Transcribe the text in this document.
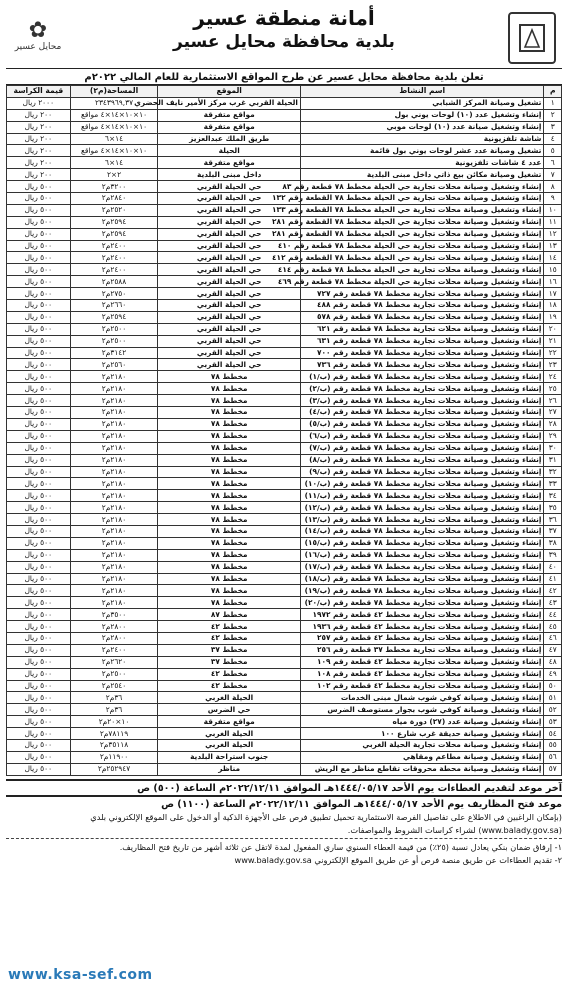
✿
محايل عسير
أمانة منطقة عسير
بلدية محافظة محايل عسير
تعلن بلدية محافظة محايل عسير عن طرح المواقع الاستثمارية للعام المالي ٢٠٢٢م
م	اسم النشاط	الموقع	المساحة(م٢)	قيمة الكراسة
١	تشغيل وصيانة المركز الشبابي	الحيلة القربي غرب مركز الأمير نايف الحضري	٢٣٤٣٩٦٩,٣٧	٢٠٠٠ ريال
٢	إنشاء وتشغيل عدد (١٠) لوحات يوني بول	مواقع متفرقة	١٠×١٠×١٤×٤ مواقع	٢٠٠ ريال
٣	إنشاء وتشغيل صيانة عدد (١٠) لوحات موبي	مواقع متفرقة	١٠×١٠×١٤×٤ مواقع	٢٠٠ ريال
٤	شاشة تلفزيونية	طريق الملك عبدالعزيز	١٤×٦	٢٠٠ ريال
٥	تشغيل وصيانة عدد عشر لوحات يوني بول قائمة	الحيلة	١٠×١٠×١٤×٤ مواقع	٢٠٠ ريال
٦	عدد ٤ شاشات تلفزيونية	مواقع متفرقة	١٤×٦	٢٠٠ ريال
٧	تشغيل وصيانة مكائن بيع ذاتي داخل مبنى البلدية	داخل مبنى البلدية	٢×٢	٢٠٠ ريال
٨	إنشاء وتشغيل وصيانة محلات تجارية حي الحيلة مخطط ٧٨ قطعة رقم ٨٣	حي الحيلة القربي	٣٢٠٠م٢	٥٠٠ ريال
٩	إنشاء وتشغيل وصيانة محلات تجارية حي الحيلة مخطط ٧٨ القطعة رقم ١٣٢	حي الحيلة القربي	٢٨٤٠م٢	٥٠٠ ريال
١٠	إنشاء وتشغيل وصيانة محلات تجارية حي الحيلة مخطط ٧٨ القطعة رقم ١٣٣	حي الحيلة القربي	٢٥٢٠م٢	٥٠٠ ريال
١١	إنشاء وتشغيل وصيانة محلات تجارية حي الحيلة مخطط ٧٨ القطعة رقم ٢٨١	حي الحيلة القربي	٢٥٩٤م٢	٥٠٠ ريال
١٢	إنشاء وتشغيل وصيانة محلات تجارية حي الحيلة مخطط ٧٨ القطعة رقم ٢٨١	حي الحيلة القربي	٢٥٩٤م٢	٥٠٠ ريال
١٣	إنشاء وتشغيل وصيانة محلات تجارية حي الحيلة مخطط ٧٨ قطعة رقم ٤١٠	حي الحيلة القربي	٢٤٠٠م٢	٥٠٠ ريال
١٤	إنشاء وتشغيل وصيانة محلات تجارية حي الحيلة مخطط ٧٨ القطعة رقم ٤١٢	حي الحيلة القربي	٢٤٠٠م٢	٥٠٠ ريال
١٥	إنشاء وتشغيل وصيانة محلات تجارية حي الحيلة مخطط ٧٨ قطعة رقم ٤١٤	حي الحيلة القربي	٢٤٠٠م٢	٥٠٠ ريال
١٦	إنشاء وتشغيل وصيانة محلات تجارية حي الحيلة مخطط ٧٨ قطعة رقم ٤٦٩	حي الحيلة القربي	٢٥٨٨م٢	٥٠٠ ريال
١٧	إنشاء وتشغيل وصيانة محلات تجارية مخطط ٧٨ قطعة رقم ٧٢٧	حي الحيلة القربي	٢٧٥٠م٢	٥٠٠ ريال
١٨	إنشاء وتشغيل وصيانة محلات تجارية مخطط ٧٨ قطعة رقم ٤٨٨	حي الحيلة القربي	٢٦٦٠م٢	٥٠٠ ريال
١٩	إنشاء وتشغيل وصيانة محلات تجارية مخطط ٧٨ قطعة رقم ٥٧٨	حي الحيلة القربي	٢٥٩٤م٢	٥٠٠ ريال
٢٠	إنشاء وتشغيل وصيانة محلات تجارية مخطط ٧٨ قطعة رقم ٦٢١	حي الحيلة القربي	٢٥٠٠م٢	٥٠٠ ريال
٢١	إنشاء وتشغيل وصيانة محلات تجارية مخطط ٧٨ قطعة رقم ٦٣١	حي الحيلة القربي	٢٥٠٠م٢	٥٠٠ ريال
٢٢	إنشاء وتشغيل وصيانة محلات تجارية مخطط ٧٨ قطعة رقم ٧٠٠	حي الحيلة القربي	٣١٤٢م٢	٥٠٠ ريال
٢٣	إنشاء وتشغيل وصيانة محلات تجارية مخطط ٧٨ قطعة رقم ٧٣٦	حي الحيلة القربي	٢٥٦٠م٢	٥٠٠ ريال
٢٤	إنشاء وتشغيل وصيانة محلات تجارية مخطط ٧٨ قطعة رقم (ب/١)	مخطط ٧٨	٢١٨٠م٢	٥٠٠ ريال
٢٥	إنشاء وتشغيل وصيانة محلات تجارية مخطط ٧٨ قطعة رقم (ب/٢)	مخطط ٧٨	٢١٨٠م٢	٥٠٠ ريال
٢٦	إنشاء وتشغيل وصيانة محلات تجارية مخطط ٧٨ قطعة رقم (ب/٣)	مخطط ٧٨	٢١٨٠م٢	٥٠٠ ريال
٢٧	إنشاء وتشغيل وصيانة محلات تجارية مخطط ٧٨ قطعة رقم (ب/٤)	مخطط ٧٨	٢١٨٠م٢	٥٠٠ ريال
٢٨	إنشاء وتشغيل وصيانة محلات تجارية مخطط ٧٨ قطعة رقم (ب/٥)	مخطط ٧٨	٢١٨٠م٢	٥٠٠ ريال
٢٩	إنشاء وتشغيل وصيانة محلات تجارية مخطط ٧٨ قطعة رقم (ب/٦)	مخطط ٧٨	٢١٨٠م٢	٥٠٠ ريال
٣٠	إنشاء وتشغيل وصيانة محلات تجارية مخطط ٧٨ قطعة رقم (ب/٧)	مخطط ٧٨	٢١٨٠م٢	٥٠٠ ريال
٣١	إنشاء وتشغيل وصيانة محلات تجارية مخطط ٧٨ قطعة رقم (ب/٨)	مخطط ٧٨	٢١٨٠م٢	٥٠٠ ريال
٣٢	إنشاء وتشغيل وصيانة محلات تجارية مخطط ٧٨ قطعة رقم (ب/٩)	مخطط ٧٨	٢١٨٠م٢	٥٠٠ ريال
٣٣	إنشاء وتشغيل وصيانة محلات تجارية مخطط ٧٨ قطعة رقم (ب/١٠)	مخطط ٧٨	٢١٨٠م٢	٥٠٠ ريال
٣٤	إنشاء وتشغيل وصيانة محلات تجارية مخطط ٧٨ قطعة رقم (ب/١١)	مخطط ٧٨	٢١٨٠م٢	٥٠٠ ريال
٣٥	إنشاء وتشغيل وصيانة محلات تجارية مخطط ٧٨ قطعة رقم (ب/١٢)	مخطط ٧٨	٢١٨٠م٢	٥٠٠ ريال
٣٦	إنشاء وتشغيل وصيانة محلات تجارية مخطط ٧٨ قطعة رقم (ب/١٣)	مخطط ٧٨	٢١٨٠م٢	٥٠٠ ريال
٣٧	إنشاء وتشغيل وصيانة محلات تجارية مخطط ٧٨ قطعة رقم (ب/١٤)	مخطط ٧٨	٢١٨٠م٢	٥٠٠ ريال
٣٨	إنشاء وتشغيل وصيانة محلات تجارية مخطط ٧٨ قطعة رقم (ب/١٥)	مخطط ٧٨	٢١٨٠م٢	٥٠٠ ريال
٣٩	إنشاء وتشغيل وصيانة محلات تجارية مخطط ٧٨ قطعة رقم (ب/١٦)	مخطط ٧٨	٢١٨٠م٢	٥٠٠ ريال
٤٠	إنشاء وتشغيل وصيانة محلات تجارية مخطط ٧٨ قطعة رقم (ب/١٧)	مخطط ٧٨	٢١٨٠م٢	٥٠٠ ريال
٤١	إنشاء وتشغيل وصيانة محلات تجارية مخطط ٧٨ قطعة رقم (ب/١٨)	مخطط ٧٨	٢١٨٠م٢	٥٠٠ ريال
٤٢	إنشاء وتشغيل وصيانة محلات تجارية مخطط ٧٨ قطعة رقم (ب/١٩)	مخطط ٧٨	٢١٨٠م٢	٥٠٠ ريال
٤٣	إنشاء وتشغيل وصيانة محلات تجارية مخطط ٧٨ قطعة رقم (ب/٢٠)	مخطط ٧٨	٢١٨٠م٢	٥٠٠ ريال
٤٤	إنشاء وتشغيل وصيانة محلات تجارية مخطط ٤٢ قطعة رقم ١٩٧٢	مخطط ٨٧	٣٥٠٠م٢	٥٠٠ ريال
٤٥	إنشاء وتشغيل وصيانة محلات تجارية مخطط ٤٢ قطعة رقم ١٩٣٦	مخطط ٤٢	٢٨٠٠م٢	٥٠٠ ريال
٤٦	إنشاء وتشغيل وصيانة محلات تجارية مخطط ٤٢ قطعة رقم ٢٥٧	مخطط ٤٢	٢٨٠٠م٢	٥٠٠ ريال
٤٧	إنشاء وتشغيل وصيانة محلات تجارية مخطط ٣٧ قطعة رقم ٢٥٦	مخطط ٣٧	٢٤٠٠م٢	٥٠٠ ريال
٤٨	إنشاء وتشغيل وصيانة محلات تجارية مخطط ٤٢ قطعة رقم ١٠٩	مخطط ٣٧	٢٦٢٠م٢	٥٠٠ ريال
٤٩	إنشاء وتشغيل وصيانة محلات تجارية مخطط ٤٢ قطعة رقم ١٠٨	مخطط ٤٢	٢٥٠٠م٢	٥٠٠ ريال
٥٠	إنشاء وتشغيل وصيانة محلات تجارية مخطط ٤٢ قطعة رقم ١٠٢	مخطط ٤٢	٢٥٤٠م٢	٥٠٠ ريال
٥١	إنشاء وتشغيل وصيانة كوفي شوب شمال مبنى الخدمات	الحيلة الغربي	٣٦م٢	٥٠٠ ريال
٥٢	إنشاء وتشغيل وصيانة كوفي شوب بجوار مستوصف الضرس	حي الضرس	٣٦م٢	٥٠٠ ريال
٥٣	إنشاء وتشغيل وصيانة عدد (٢٧) دورة مياه	مواقع متفرقة	١٠×٢٠م٢	٥٠٠ ريال
٥٤	إنشاء وتشغيل وصيانة حديقة غرب شارع ١٠٠	الحيلة الغربي	٧٨١١٩م٢	٥٠٠ ريال
٥٥	إنشاء وتشغيل وصيانة محلات تجارية الحيلة الغربي	الحيلة الغربي	٣٥١١٨م٢	٥٠٠ ريال
٥٦	إنشاء وتشغيل وصيانة مطاعم ومقاهي	جنوب استراحة البلدية	١١٩٠٠م٢	٥٠٠ ريال
٥٧	إنشاء وتشغيل وصيانة محطة محروقات تقاطع مناظر مع الريش	مناظر	٢٥٢٩٤٧م٢	٥٠٠ ريال

آخر موعد لتقديم العطاءات يوم الأحد ١٤٤٤/٠٥/١٧هـ الموافق ٢٠٢٢/١٢/١١م الساعة (٥٠٠) ص

موعد فتح المظاريف يوم الأحد ١٤٤٤/٠٥/١٧هـ الموافق ٢٠٢٢/١٢/١١م الساعة (١١٠٠) ص

(بإمكان الراغبين في الاطلاع على تفاصيل الفرصة الاستثمارية تحميل تطبيق فرص على الأجهزة الذكية أو الدخول على الموقع الإلكتروني بلدي (www.balady.gov.sa) لشراء كراسات الشروط والمواصفات.

١- إرفاق ضمان بنكي يعادل نسبة (٢٥٪) من قيمة العطاء السنوي ساري المفعول لمدة لاتقل عن ثلاثة أشهر من تاريخ فتح المظاريف.

٢- تقديم العطاءات عن طريق منصة فرص أو عن طريق الموقع الإلكتروني www.balady.gov.sa

www.ksa-sef.com
